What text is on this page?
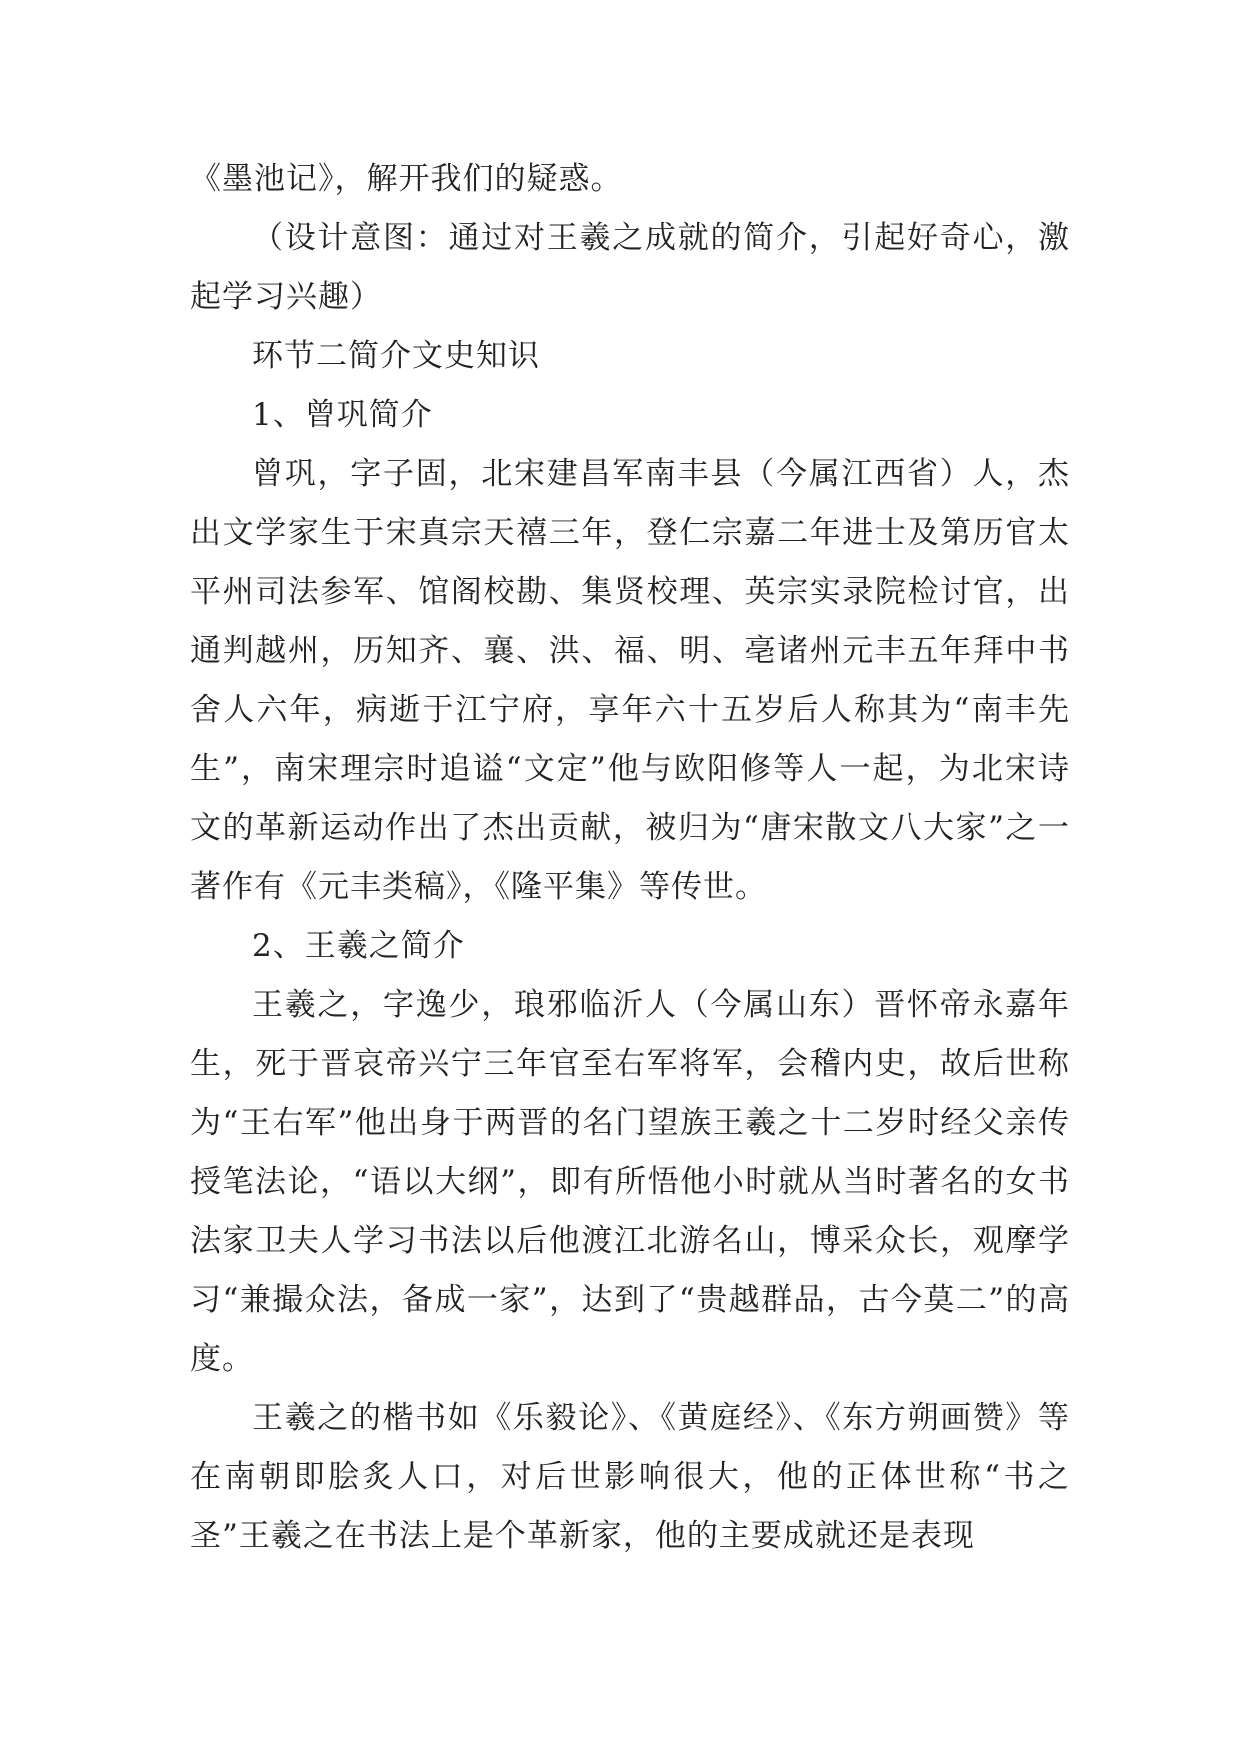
《墨池记》，解开我们的疑惑。

（设计意图：通过对王羲之成就的简介，引起好奇心，激起学习兴趣）

环节二简介文史知识

1、曾巩简介

曾巩，字子固，北宋建昌军南丰县（今属江西省）人，杰出文学家生于宋真宗天禧三年，登仁宗嘉二年进士及第历官太平州司法参军、馆阁校勘、集贤校理、英宗实录院检讨官，出通判越州，历知齐、襄、洪、福、明、亳诸州元丰五年拜中书舍人六年，病逝于江宁府，享年六十五岁后人称其为“南丰先生”，南宋理宗时追谥“文定”他与欧阳修等人一起，为北宋诗文的革新运动作出了杰出贡献，被归为“唐宋散文八大家”之一著作有《元丰类稿》，《隆平集》等传世。

2、王羲之简介

王羲之，字逸少，琅邪临沂人（今属山东）晋怀帝永嘉年生，死于晋哀帝兴宁三年官至右军将军，会稽内史，故后世称为“王右军”他出身于两晋的名门望族王羲之十二岁时经父亲传授笔法论，“语以大纲”，即有所悟他小时就从当时著名的女书法家卫夫人学习书法以后他渡江北游名山，博采众长，观摩学习“兼撮众法，备成一家”，达到了“贵越群品，古今莫二”的高度。

王羲之的楷书如《乐毅论》、《黄庭经》、《东方朔画赞》等在南朝即脍炙人口，对后世影响很大，他的正体世称“书之圣”王羲之在书法上是个革新家，他的主要成就还是表现
